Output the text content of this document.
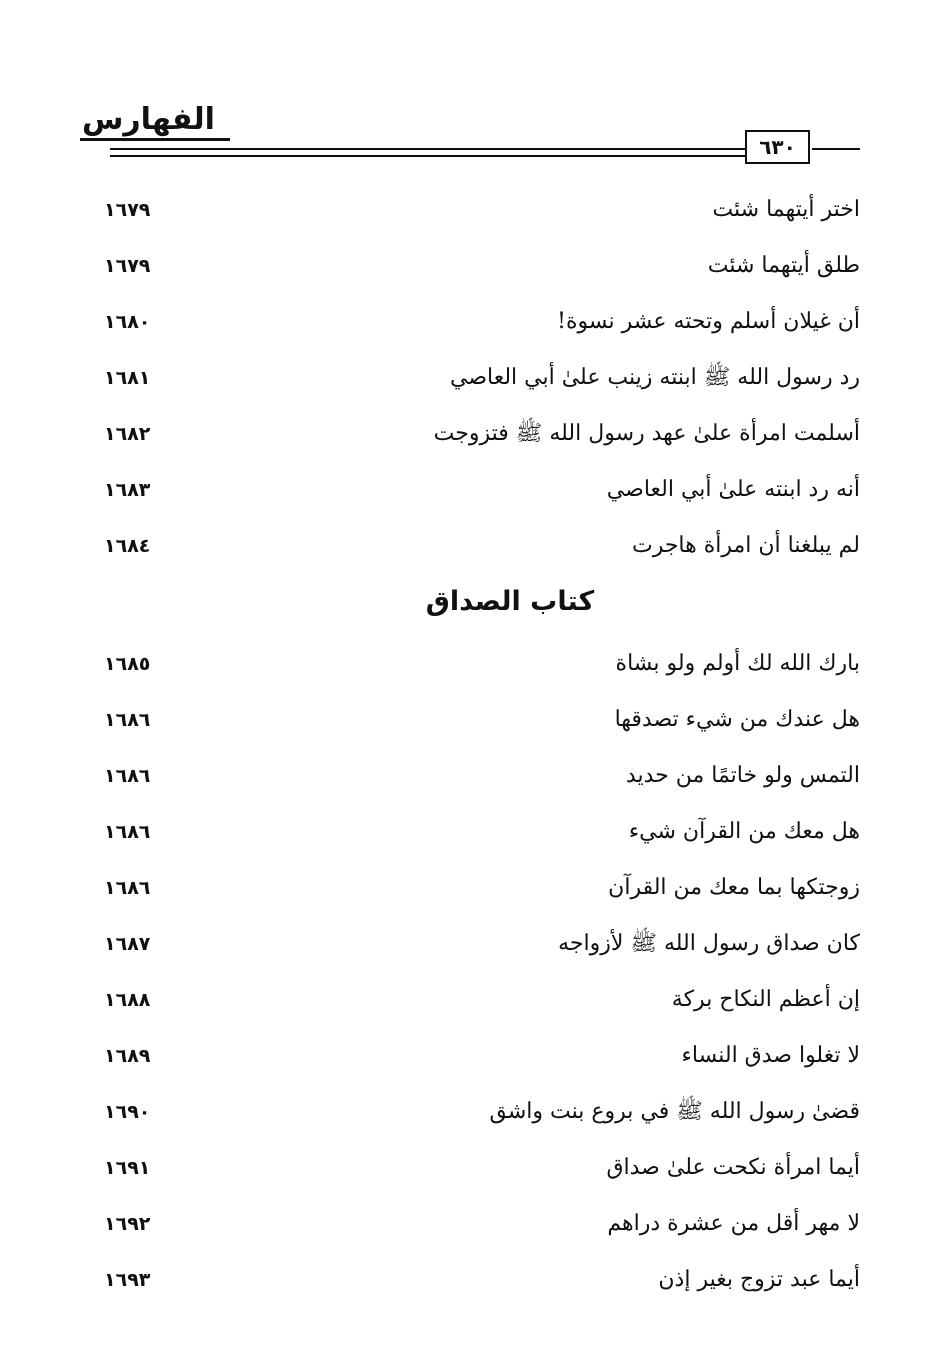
الفهارس
٦٣٠
اختر أيتهما شئت
١٦٧٩
طلق أيتهما شئت
١٦٧٩
أن غيلان أسلم وتحته عشر نسوة!
١٦٨٠
رد رسول الله ﷺ ابنته زينب علىٰ أبي العاصي
١٦٨١
أسلمت امرأة علىٰ عهد رسول الله ﷺ فتزوجت
١٦٨٢
أنه رد ابنته علىٰ أبي العاصي
١٦٨٣
لم يبلغنا أن امرأة هاجرت
١٦٨٤
كتاب الصداق
بارك الله لك أولم ولو بشاة
١٦٨٥
هل عندك من شيء تصدقها
١٦٨٦
التمس ولو خاتمًا من حديد
١٦٨٦
هل معك من القرآن شيء
١٦٨٦
زوجتكها بما معك من القرآن
١٦٨٦
كان صداق رسول الله ﷺ لأزواجه
١٦٨٧
إن أعظم النكاح بركة
١٦٨٨
لا تغلوا صدق النساء
١٦٨٩
قضىٰ رسول الله ﷺ في بروع بنت واشق
١٦٩٠
أيما امرأة نكحت علىٰ صداق
١٦٩١
لا مهر أقل من عشرة دراهم
١٦٩٢
أيما عبد تزوج بغير إذن
١٦٩٣
